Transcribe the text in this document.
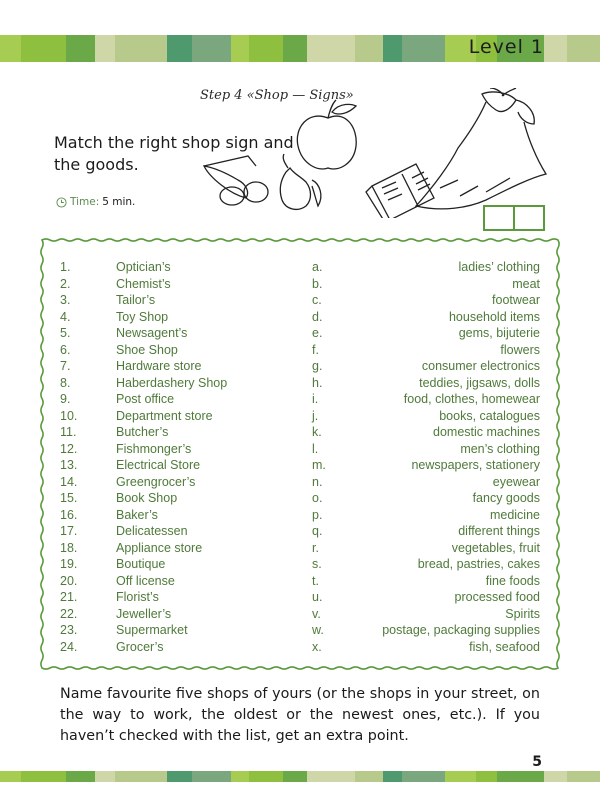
Level 1
Step 4 «Shop — Signs»
Match the right shop sign and the goods.
Time: 5 min.
1.	Optician’s	a.	ladies’ clothing
2.	Chemist’s	b.	meat
3.	Tailor’s	c.	footwear
4.	Toy Shop	d.	household items
5.	Newsagent’s	e.	gems, bijuterie
6.	Shoe Shop	f.	flowers
7.	Hardware store	g.	consumer electronics
8.	Haberdashery Shop	h.	teddies, jigsaws, dolls
9.	Post office	i.	food, clothes, homewear
10.	Department store	j.	books, catalogues
11.	Butcher’s	k.	domestic machines
12.	Fishmonger’s	l.	men’s clothing
13.	Electrical Store	m.	newspapers, stationery
14.	Greengrocer’s	n.	eyewear
15.	Book Shop	o.	fancy goods
16.	Baker’s	p.	medicine
17.	Delicatessen	q.	different things
18.	Appliance store	r.	vegetables, fruit
19.	Boutique	s.	bread, pastries, cakes
20.	Off license	t.	fine foods
21.	Florist’s	u.	processed food
22.	Jeweller’s	v.	Spirits
23.	Supermarket	w.	postage, packaging supplies
24.	Grocer’s	x.	fish, seafood
Name favourite five shops of yours (or the shops in your street, on the way to work, the oldest or the newest ones, etc.). If you haven’t checked with the list, get an extra point.
5
